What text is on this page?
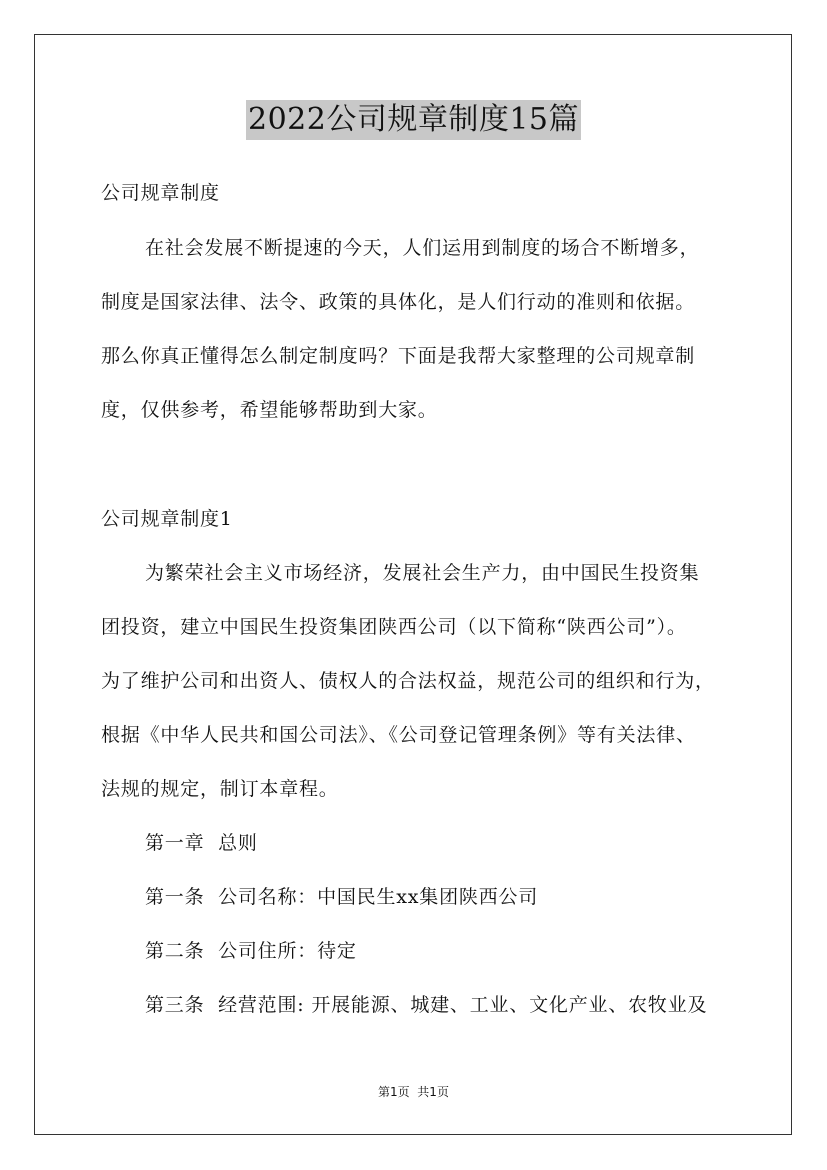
2022公司规章制度15篇
公司规章制度
在社会发展不断提速的今天，人们运用到制度的场合不断增多，
制度是国家法律、法令、政策的具体化，是人们行动的准则和依据。
那么你真正懂得怎么制定制度吗？下面是我帮大家整理的公司规章制
度，仅供参考，希望能够帮助到大家。
公司规章制度1
为繁荣社会主义市场经济，发展社会生产力，由中国民生投资集
团投资，建立中国民生投资集团陕西公司（以下简称“陕西公司”）。
为了维护公司和出资人、债权人的合法权益，规范公司的组织和行为，
根据《中华人民共和国公司法》、《公司登记管理条例》等有关法律、
法规的规定，制订本章程。
第一章  总则
第一条  公司名称：中国民生xx集团陕西公司
第二条  公司住所：待定
第三条  经营范围: 开展能源、城建、工业、文化产业、农牧业及
第1页  共1页
